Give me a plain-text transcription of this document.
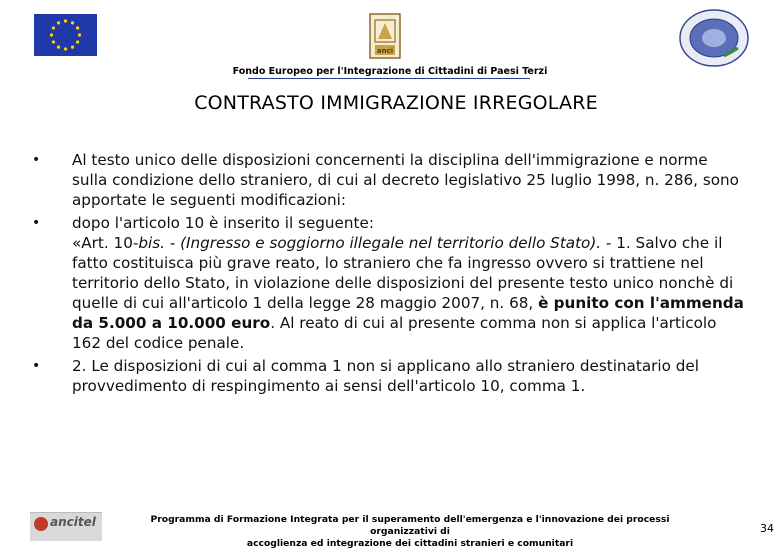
anci
Fondo Europeo per l'Integrazione di Cittadini di Paesi Terzi
CONTRASTO IMMIGRAZIONE IRREGOLARE
•	Al testo unico delle disposizioni concernenti la disciplina dell'immigrazione e norme sulla condizione dello straniero, di cui al decreto legislativo 25 luglio 1998, n. 286, sono apportate le seguenti modificazioni:
•	dopo l'articolo 10 è inserito il seguente:
«Art. 10-bis. - (Ingresso e soggiorno illegale nel territorio dello Stato). - 1. Salvo che il fatto costituisca più grave reato, lo straniero che fa ingresso ovvero si trattiene nel territorio dello Stato, in violazione delle disposizioni del presente testo unico nonchè di quelle di cui all'articolo 1 della legge 28 maggio 2007, n. 68, è punito con l'ammenda da 5.000 a 10.000 euro. Al reato di cui al presente comma non si applica l'articolo 162 del codice penale.
•	2. Le disposizioni di cui al comma 1 non si applicano allo straniero destinatario del provvedimento di respingimento ai sensi dell'articolo 10, comma 1.
ancitel	Programma di Formazione Integrata per il superamento dell'emergenza e l'innovazione dei processi organizzativi di
accoglienza ed integrazione dei cittadini stranieri e comunitari
34
